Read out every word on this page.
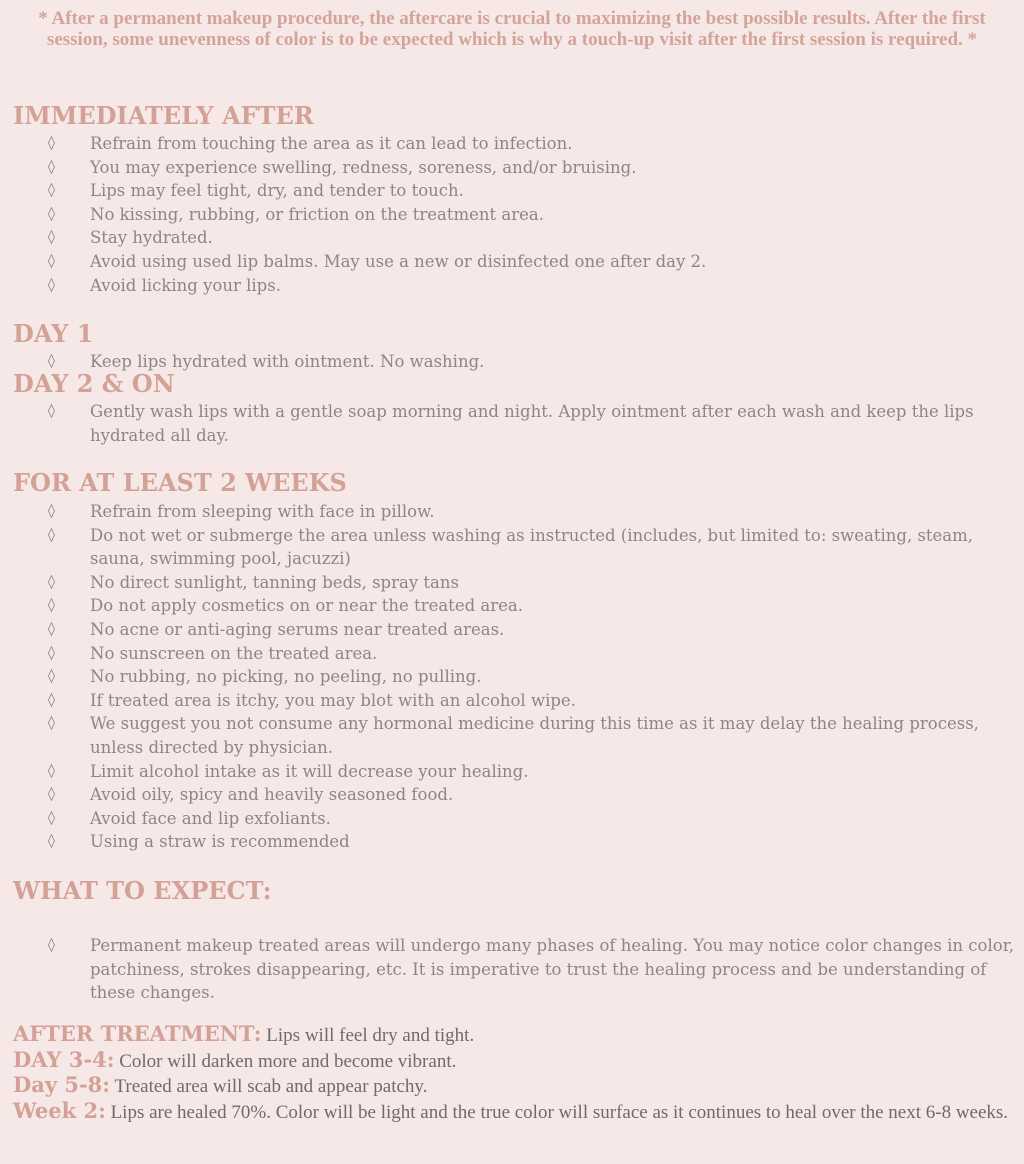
* After a permanent makeup procedure, the aftercare is crucial to maximizing the best possible results. After the first session, some unevenness of color is to be expected which is why a touch-up visit after the first session is required. *
IMMEDIATELY AFTER
◊ Refrain from touching the area as it can lead to infection.
◊ You may experience swelling, redness, soreness, and/or bruising.
◊ Lips may feel tight, dry, and tender to touch.
◊ No kissing, rubbing, or friction on the treatment area.
◊ Stay hydrated.
◊ Avoid using used lip balms. May use a new or disinfected one after day 2.
◊ Avoid licking your lips.
DAY 1
◊ Keep lips hydrated with ointment. No washing.
DAY 2 & ON
◊ Gently wash lips with a gentle soap morning and night. Apply ointment after each wash and keep the lips hydrated all day.
FOR AT LEAST 2 WEEKS
◊ Refrain from sleeping with face in pillow.
◊ Do not wet or submerge the area unless washing as instructed (includes, but limited to: sweating, steam, sauna, swimming pool, jacuzzi)
◊ No direct sunlight, tanning beds, spray tans
◊ Do not apply cosmetics on or near the treated area.
◊ No acne or anti-aging serums near treated areas.
◊ No sunscreen on the treated area.
◊ No rubbing, no picking, no peeling, no pulling.
◊ If treated area is itchy, you may blot with an alcohol wipe.
◊ We suggest you not consume any hormonal medicine during this time as it may delay the healing process, unless directed by physician.
◊ Limit alcohol intake as it will decrease your healing.
◊ Avoid oily, spicy and heavily seasoned food.
◊ Avoid face and lip exfoliants.
◊ Using a straw is recommended
WHAT TO EXPECT:
◊ Permanent makeup treated areas will undergo many phases of healing. You may notice color changes in color, patchiness, strokes disappearing, etc. It is imperative to trust the healing process and be understanding of these changes.
AFTER TREATMENT: Lips will feel dry and tight.
DAY 3-4: Color will darken more and become vibrant.
Day 5-8: Treated area will scab and appear patchy.
Week 2: Lips are healed 70%. Color will be light and the true color will surface as it continues to heal over the next 6-8 weeks.
